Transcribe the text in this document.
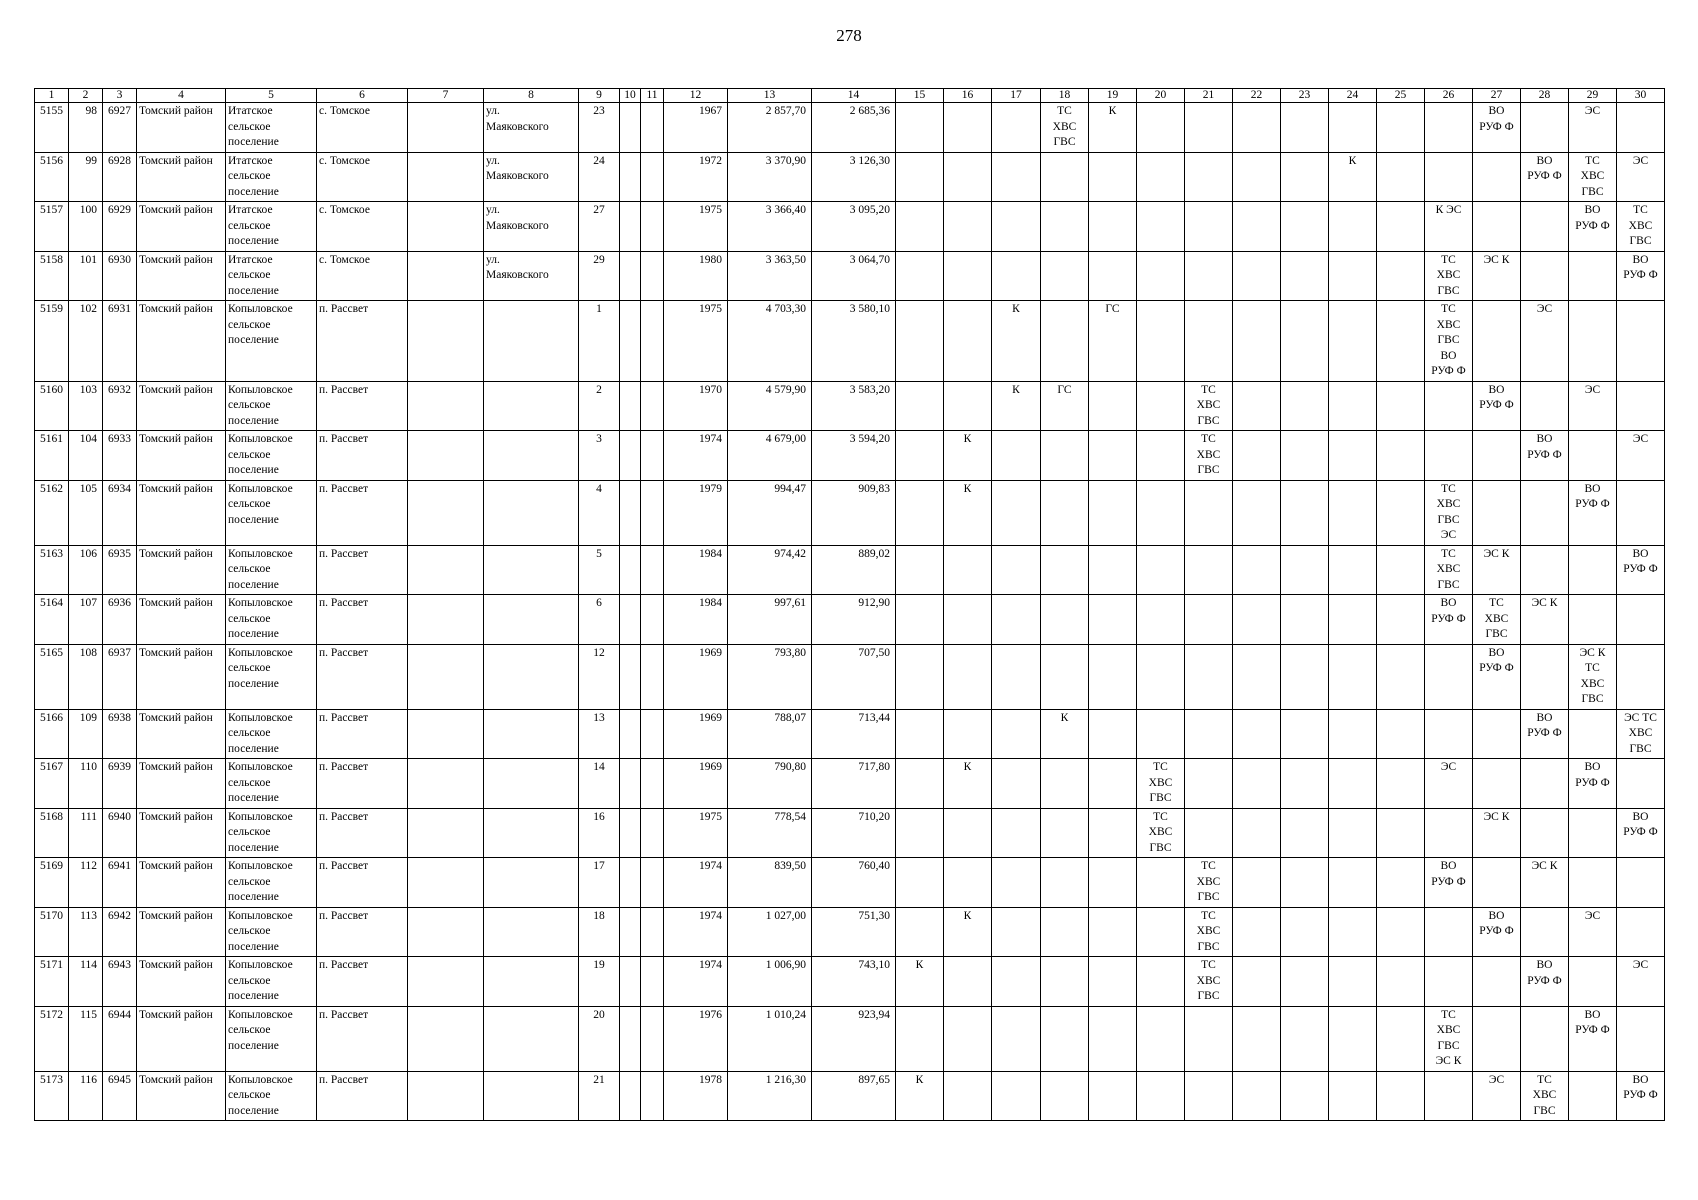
278
1	2	3	4	5	6	7	8	9	10	11	12	13	14	15	16	17	18	19	20	21	22	23	24	25	26	27	28	29	30
5155	98	6927	Томский район	Итатское
сельское
поселение	с. Томское		ул.
Маяковского	23			1967	2 857,70	2 685,36				ТС
ХВС
ГВС	К								ВО
РУФ Ф		ЭС	
5156	99	6928	Томский район	Итатское
сельское
поселение	с. Томское		ул.
Маяковского	24			1972	3 370,90	3 126,30										К				ВО
РУФ Ф	ТС
ХВС
ГВС	ЭС
5157	100	6929	Томский район	Итатское
сельское
поселение	с. Томское		ул.
Маяковского	27			1975	3 366,40	3 095,20												К ЭС			ВО
РУФ Ф	ТС
ХВС
ГВС
5158	101	6930	Томский район	Итатское
сельское
поселение	с. Томское		ул.
Маяковского	29			1980	3 363,50	3 064,70												ТС
ХВС
ГВС	ЭС К			ВО
РУФ Ф
5159	102	6931	Томский район	Копыловское
сельское
поселение	п. Рассвет			1			1975	4 703,30	3 580,10			К		ГС							ТС
ХВС
ГВС
ВО
РУФ Ф		ЭС		
5160	103	6932	Томский район	Копыловское
сельское
поселение	п. Рассвет			2			1970	4 579,90	3 583,20			К	ГС			ТС
ХВС
ГВС						ВО
РУФ Ф		ЭС	
5161	104	6933	Томский район	Копыловское
сельское
поселение	п. Рассвет			3			1974	4 679,00	3 594,20		К					ТС
ХВС
ГВС							ВО
РУФ Ф		ЭС
5162	105	6934	Томский район	Копыловское
сельское
поселение	п. Рассвет			4			1979	994,47	909,83		К										ТС
ХВС
ГВС
ЭС			ВО
РУФ Ф	
5163	106	6935	Томский район	Копыловское
сельское
поселение	п. Рассвет			5			1984	974,42	889,02												ТС
ХВС
ГВС	ЭС К			ВО
РУФ Ф
5164	107	6936	Томский район	Копыловское
сельское
поселение	п. Рассвет			6			1984	997,61	912,90												ВО
РУФ Ф	ТС
ХВС
ГВС	ЭС К		
5165	108	6937	Томский район	Копыловское
сельское
поселение	п. Рассвет			12			1969	793,80	707,50													ВО
РУФ Ф		ЭС К
ТС
ХВС
ГВС	
5166	109	6938	Томский район	Копыловское
сельское
поселение	п. Рассвет			13			1969	788,07	713,44				К										ВО
РУФ Ф		ЭС ТС
ХВС
ГВС
5167	110	6939	Томский район	Копыловское
сельское
поселение	п. Рассвет			14			1969	790,80	717,80		К				ТС
ХВС
ГВС						ЭС			ВО
РУФ Ф	
5168	111	6940	Томский район	Копыловское
сельское
поселение	п. Рассвет			16			1975	778,54	710,20						ТС
ХВС
ГВС							ЭС К			ВО
РУФ Ф
5169	112	6941	Томский район	Копыловское
сельское
поселение	п. Рассвет			17			1974	839,50	760,40							ТС
ХВС
ГВС					ВО
РУФ Ф		ЭС К		
5170	113	6942	Томский район	Копыловское
сельское
поселение	п. Рассвет			18			1974	1 027,00	751,30		К					ТС
ХВС
ГВС						ВО
РУФ Ф		ЭС	
5171	114	6943	Томский район	Копыловское
сельское
поселение	п. Рассвет			19			1974	1 006,90	743,10	К						ТС
ХВС
ГВС							ВО
РУФ Ф		ЭС
5172	115	6944	Томский район	Копыловское
сельское
поселение	п. Рассвет			20			1976	1 010,24	923,94												ТС
ХВС
ГВС
ЭС К			ВО
РУФ Ф	
5173	116	6945	Томский район	Копыловское
сельское
поселение	п. Рассвет			21			1978	1 216,30	897,65	К												ЭС	ТС
ХВС
ГВС		ВО
РУФ Ф
